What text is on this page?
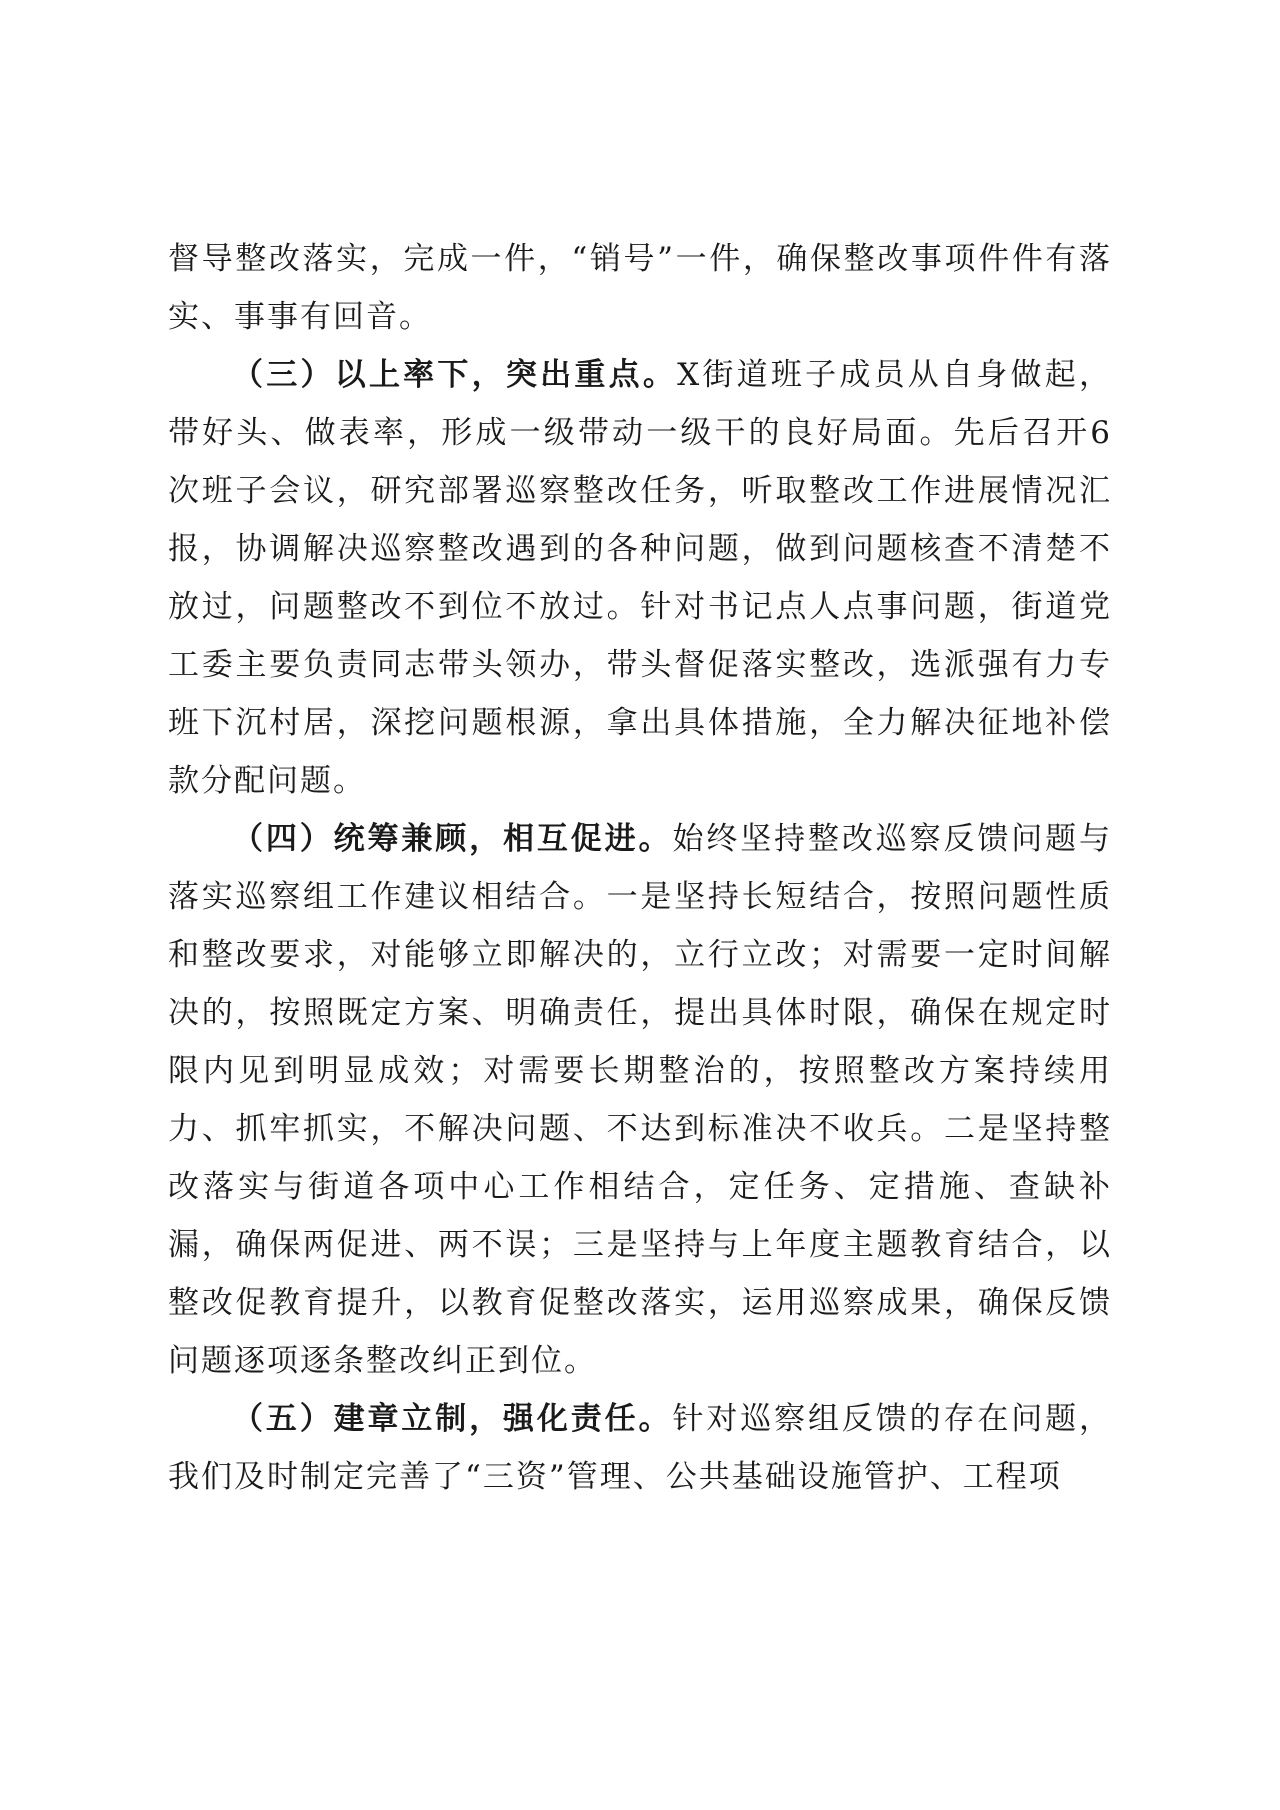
督导整改落实，完成一件，“销号”一件，确保整改事项件件有落实、事事有回音。

（三）以上率下，突出重点。X街道班子成员从自身做起，带好头、做表率，形成一级带动一级干的良好局面。先后召开6次班子会议，研究部署巡察整改任务，听取整改工作进展情况汇报，协调解决巡察整改遇到的各种问题，做到问题核查不清楚不放过，问题整改不到位不放过。针对书记点人点事问题，街道党工委主要负责同志带头领办，带头督促落实整改，选派强有力专班下沉村居，深挖问题根源，拿出具体措施，全力解决征地补偿款分配问题。

（四）统筹兼顾，相互促进。始终坚持整改巡察反馈问题与落实巡察组工作建议相结合。一是坚持长短结合，按照问题性质和整改要求，对能够立即解决的，立行立改；对需要一定时间解决的，按照既定方案、明确责任，提出具体时限，确保在规定时限内见到明显成效；对需要长期整治的，按照整改方案持续用力、抓牢抓实，不解决问题、不达到标准决不收兵。二是坚持整改落实与街道各项中心工作相结合，定任务、定措施、查缺补漏，确保两促进、两不误；三是坚持与上年度主题教育结合，以整改促教育提升，以教育促整改落实，运用巡察成果，确保反馈问题逐项逐条整改纠正到位。

（五）建章立制，强化责任。针对巡察组反馈的存在问题，我们及时制定完善了“三资”管理、公共基础设施管护、工程项
